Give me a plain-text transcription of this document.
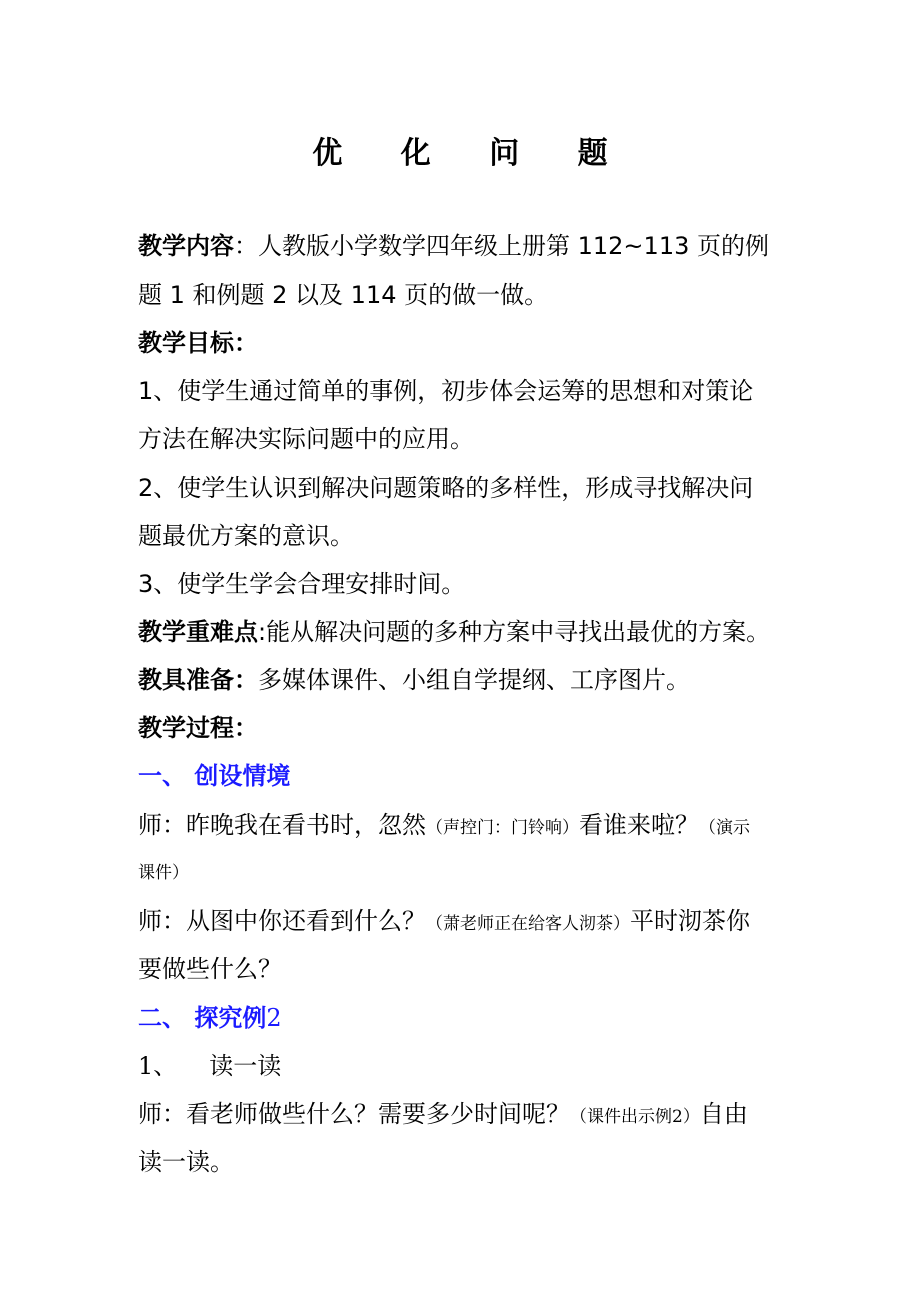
优 化 问 题
教学内容：人教版小学数学四年级上册第 112~113 页的例
题 1 和例题 2 以及 114 页的做一做。
教学目标：
1、使学生通过简单的事例，初步体会运筹的思想和对策论
方法在解决实际问题中的应用。
2、使学生认识到解决问题策略的多样性，形成寻找解决问
题最优方案的意识。
3、使学生学会合理安排时间。
教学重难点:能从解决问题的多种方案中寻找出最优的方案。
教具准备：多媒体课件、小组自学提纲、工序图片。
教学过程：
一、 创设情境
师：昨晚我在看书时，忽然（声控门：门铃响）看谁来啦？（演示
课件）
师：从图中你还看到什么？（萧老师正在给客人沏茶）平时沏茶你
要做些什么？
二、 探究例2
1、 读一读
师：看老师做些什么？需要多少时间呢？（课件出示例2）自由
读一读。
